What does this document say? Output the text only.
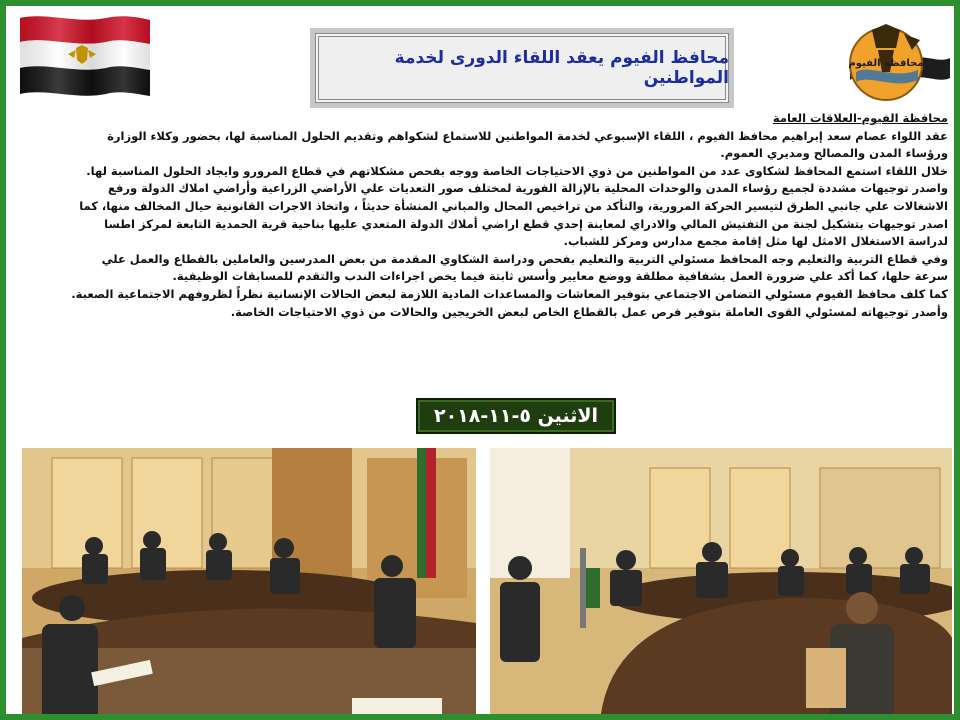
محافظ الفيوم يعقد اللقاء الدورى لخدمة المواطنين
محافظة الفيوم

محافظة الفيوم-العلاقات العامة

عقد اللواء عصام سعد إبراهيم محافظ الفيوم ، اللقاء الإسبوعي لخدمة المواطنين للاستماع لشكواهم وتقديم الحلول المناسبة لها، بحضور وكلاء الوزارة ورؤساء المدن والمصالح ومديري العموم.

خلال اللقاء استمع المحافظ لشكاوى عدد من المواطنين من ذوي الاحتياجات الخاصة ووجه بفحص مشكلاتهم في قطاع المرورو وايجاد الحلول المناسبة لها.

واصدر توجيهات مشددة لجميع رؤساء المدن والوحدات المحلية بالإزالة الفورية لمختلف صور التعديات علي الأراضي الزراعية وأراضي املاك الدولة ورفع الاشغالات علي جانبي الطرق لتيسير الحركة المرورية، والتأكد من تراخيص المحال والمباني المنشأة حديثاً ، واتخاذ الاجرات القانونية حيال المخالف منها، كما اصدر توجيهات بتشكيل لجنة من التفتيش المالي والادراي لمعاينة إحدي قطع اراضي أملاك الدولة المتعدي عليها بناحية قرية الحمدية التابعة لمركز اطسا لدراسة الاستغلال الامثل لها مثل إقامة مجمع مدارس ومركز للشباب.

وفي قطاع التربية والتعليم وجه المحافظ مسئولي التربية والتعليم بفحص ودراسة الشكاوي المقدمة من بعض المدرسين والعاملين بالقطاع والعمل علي سرعة حلها، كما أكد علي ضرورة العمل بشفافية مطلقة ووضع معايير وأسس ثابتة فيما يخص اجراءات الندب والتقدم للمسابقات الوظيفية.

كما كلف محافظ الفيوم مسئولي التضامن الاجتماعي بتوفير المعاشات والمساعدات المادية اللازمة لبعض الحالات الإنسانية نظراً لظروفهم الاجتماعية الصعبة.

وأصدر توجيهاته لمسئولي القوى العاملة بتوفير فرص عمل بالقطاع الخاص لبعض الخريجين والحالات من ذوي الاحتياجات الخاصة.

الاثنين ٥-١١-٢٠١٨
